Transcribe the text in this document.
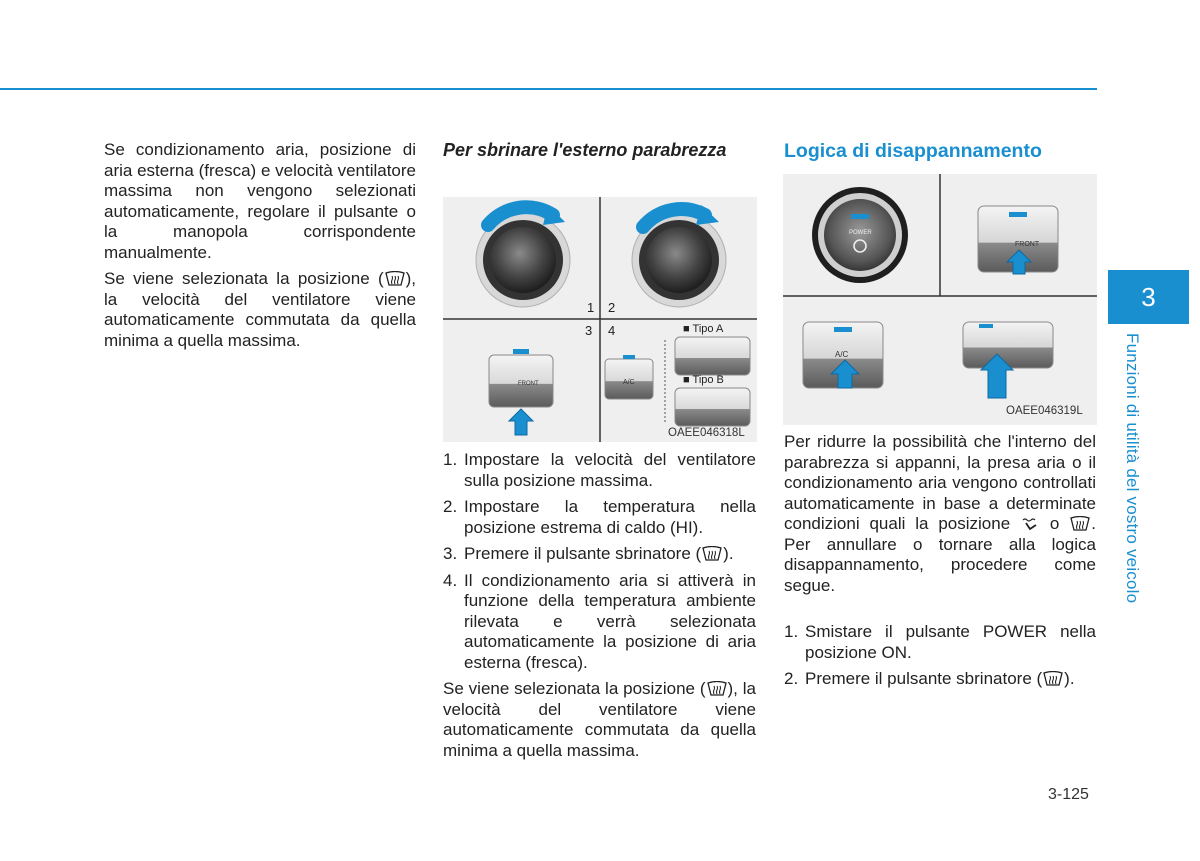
Se condizionamento aria, posizione di aria esterna (fresca) e velocità ventilatore massima non vengono selezionati automaticamente, regolare il pulsante o la manopola corrispondente manualmente.

Se viene selezionata la posizione ( ), la velocità del ventilatore viene automaticamente commutata da quella minima a quella massima.

Per sbrinare l'esterno parabrezza

1 2
3 4	■ Tipo A
■ Tipo B
FRONT	A/C
OAEE046318L
1. Impostare la velocità del ventilatore sulla posizione massima.
2. Impostare la temperatura nella posizione estrema di caldo (HI).
3. Premere il pulsante sbrinatore ( ).
4. Il condizionamento aria si attiverà in funzione della temperatura ambiente rilevata e verrà selezionata automaticamente la posizione di aria esterna (fresca).

Se viene selezionata la posizione ( ), la velocità del ventilatore viene automaticamente commutata da quella minima a quella massima.

Logica di disappannamento

POWER
FRONT
A/C
OAEE046319L

Per ridurre la possibilità che l'interno del parabrezza si appanni, la presa aria o il condizionamento aria vengono controllati automaticamente in base a determinate condizioni quali la posizione o . Per annullare o tornare alla logica disappannamento, procedere come segue.

1. Smistare il pulsante POWER nella posizione ON.
2. Premere il pulsante sbrinatore ( ).
3
Funzioni di utilità del vostro veicolo
3-125
